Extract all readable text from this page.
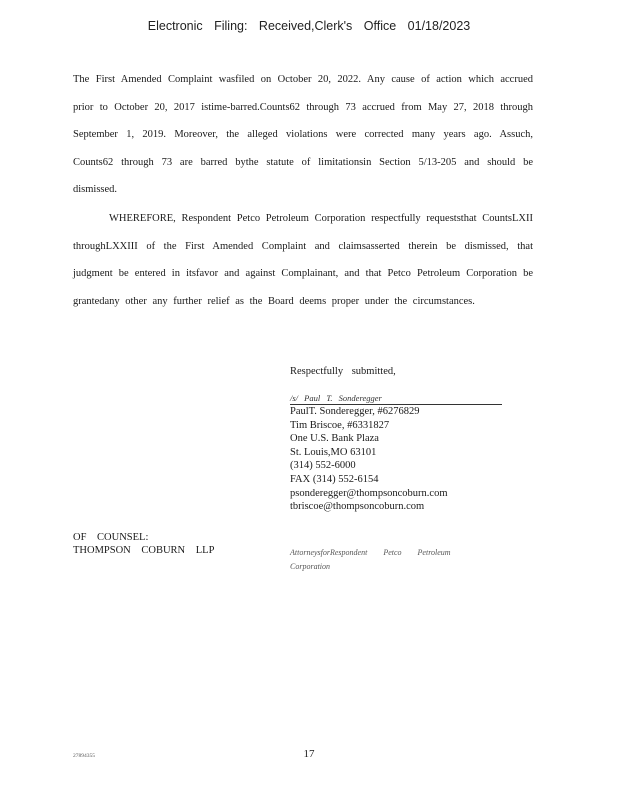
Electronic Filing: Received,Clerk's Office 01/18/2023
The First Amended Complaint wasfiled on October 20, 2022. Any cause of action which accrued prior to October 20, 2017 istime-barred.Counts62 through 73 accrued from May 27, 2018 through September 1, 2019. Moreover, the alleged violations were corrected many years ago. Assuch, Counts62 through 73 are barred bythe statute of limitationsin Section 5/13-205 and should be dismissed.
WHEREFORE, Respondent Petco Petroleum Corporation respectfully requeststhat CountsLXII throughLXXIII of the First Amended Complaint and claimsasserted therein be dismissed, that judgment be entered in itsfavor and against Complainant, and that Petco Petroleum Corporation be grantedany other any further relief as the Board deems proper under the circumstances.
Respectfully submitted,
/s/ Paul T. Sonderegger
PaulT. Sonderegger, #6276829
Tim Briscoe, #6331827
One U.S. Bank Plaza
St. Louis,MO 63101
(314) 552-6000
FAX (314) 552-6154
psonderegger@thompsoncoburn.com
tbriscoe@thompsoncoburn.com
OF COUNSEL:
THOMPSON COBURN LLP	AttorneysforRespondent Petco Petroleum Corporation
27894355	17
